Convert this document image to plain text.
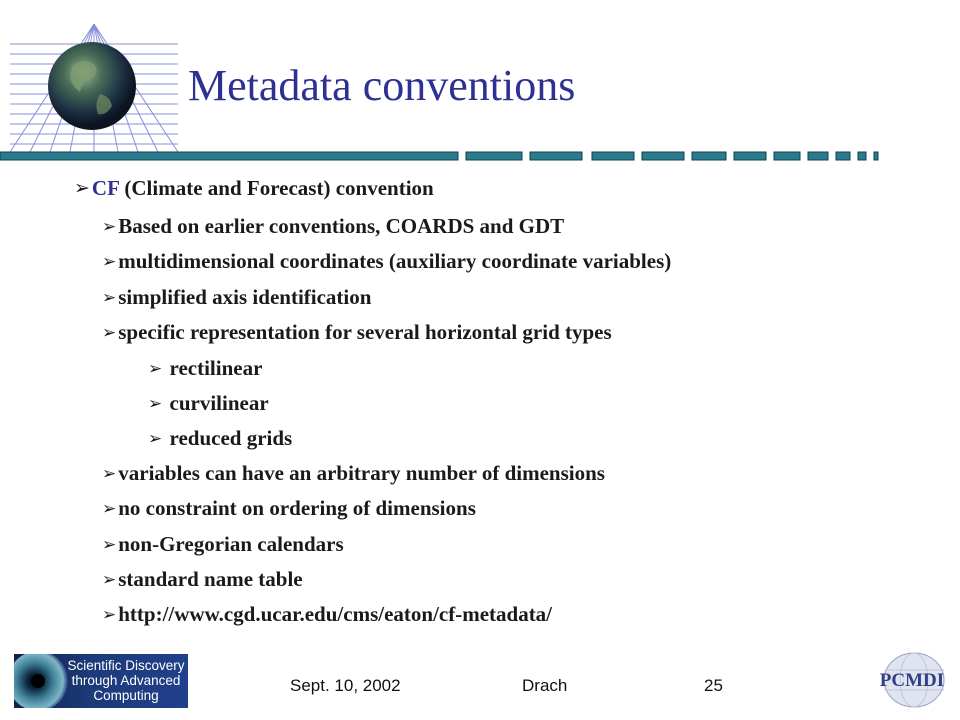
Metadata conventions
➢CF (Climate and Forecast) convention
➢Based on earlier conventions, COARDS and GDT
➢multidimensional coordinates (auxiliary coordinate variables)
➢simplified axis identification
➢specific representation for several horizontal grid types
➢ rectilinear
➢ curvilinear
➢ reduced grids
➢variables can have an arbitrary number of dimensions
➢no constraint on ordering of dimensions
➢non-Gregorian calendars
➢standard name table
➢http://www.cgd.ucar.edu/cms/eaton/cf-metadata/
Scientific Discovery
through Advanced
Computing
Sept. 10, 2002	Drach	25	PCMDI
